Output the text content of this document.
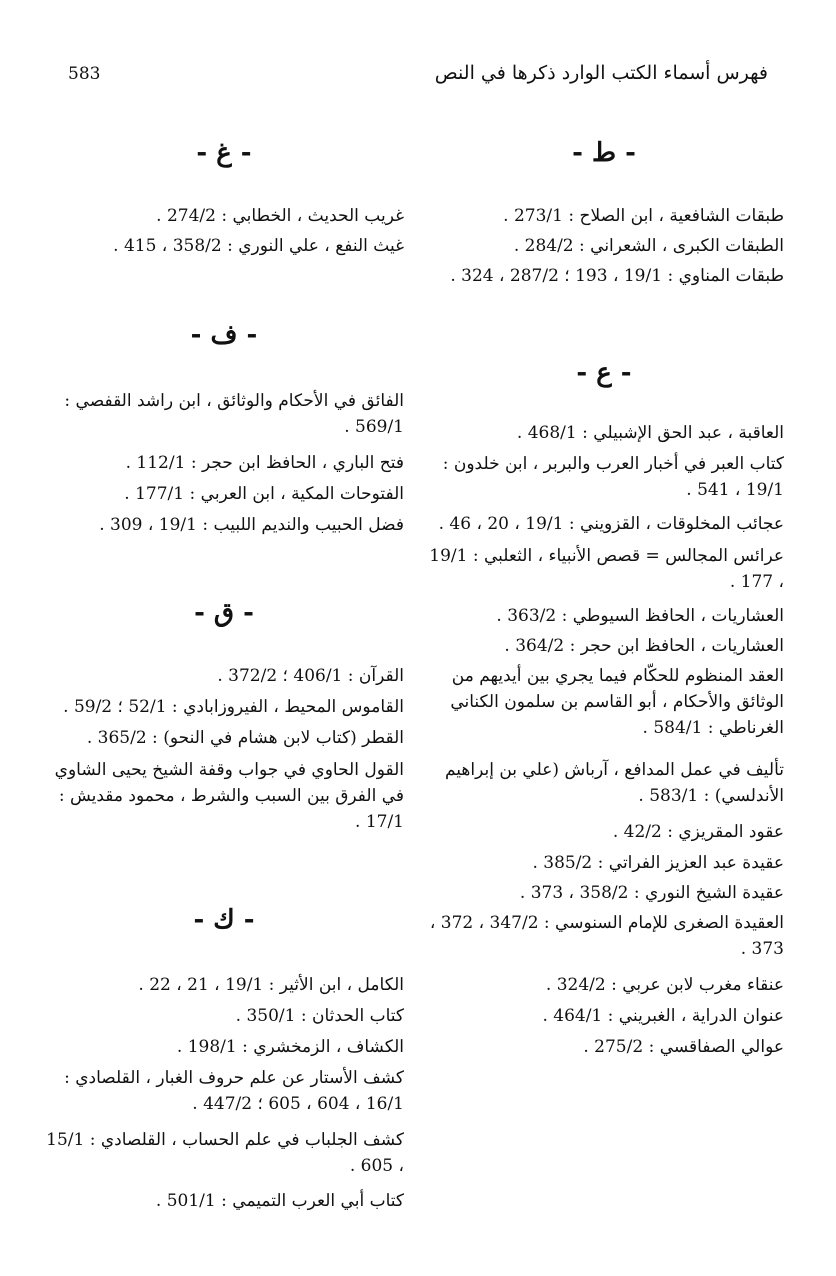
فهرس أسماء الكتب الوارد ذكرها في النص
583
- ط -
طبقات الشافعية ، ابن الصلاح : 273/1 .
الطبقات الكبرى ، الشعراني : 284/2 .
طبقات المناوي : 19/1 ، 193 ؛ 287/2 ، 324 .
- ع -
العاقبة ، عبد الحق الإشبيلي : 468/1 .
كتاب العبر في أخبار العرب والبربر ، ابن خلدون : 19/1 ، 541 .
عجائب المخلوقات ، القزويني : 19/1 ، 20 ، 46 .
عرائس المجالس = قصص الأنبياء ، الثعلبي : 19/1 ، 177 .
العشاريات ، الحافظ السيوطي : 363/2 .
العشاريات ، الحافظ ابن حجر : 364/2 .
العقد المنظوم للحكّام فيما يجري بين أيديهم من الوثائق والأحكام ، أبو القاسم بن سلمون الكناني الغرناطي : 584/1 .
تأليف في عمل المدافع ، آرباش (علي بن إبراهيم الأندلسي) : 583/1 .
عقود المقريزي : 42/2 .
عقيدة عبد العزيز الفراتي : 385/2 .
عقيدة الشيخ النوري : 358/2 ، 373 .
العقيدة الصغرى للإمام السنوسي : 347/2 ، 372 ، 373 .
عنقاء مغرب لابن عربي : 324/2 .
عنوان الدراية ، الغبريني : 464/1 .
عوالي الصفاقسي : 275/2 .
- غ -
غريب الحديث ، الخطابي : 274/2 .
غيث النفع ، علي النوري : 358/2 ، 415 .
- ف -
الفائق في الأحكام والوثائق ، ابن راشد القفصي : 569/1 .
فتح الباري ، الحافظ ابن حجر : 112/1 .
الفتوحات المكية ، ابن العربي : 177/1 .
فضل الحبيب والنديم اللبيب : 19/1 ، 309 .
- ق -
القرآن : 406/1 ؛ 372/2 .
القاموس المحيط ، الفيروزابادي : 52/1 ؛ 59/2 .
القطر (كتاب لابن هشام في النحو) : 365/2 .
القول الحاوي في جواب وقفة الشيخ يحيى الشاوي في الفرق بين السبب والشرط ، محمود مقديش : 17/1 .
- ك -
الكامل ، ابن الأثير : 19/1 ، 21 ، 22 .
كتاب الحدثان : 350/1 .
الكشاف ، الزمخشري : 198/1 .
كشف الأستار عن علم حروف الغبار ، القلصادي : 16/1 ، 604 ، 605 ؛ 447/2 .
كشف الجلباب في علم الحساب ، القلصادي : 15/1 ، 605 .
كتاب أبي العرب التميمي : 501/1 .
